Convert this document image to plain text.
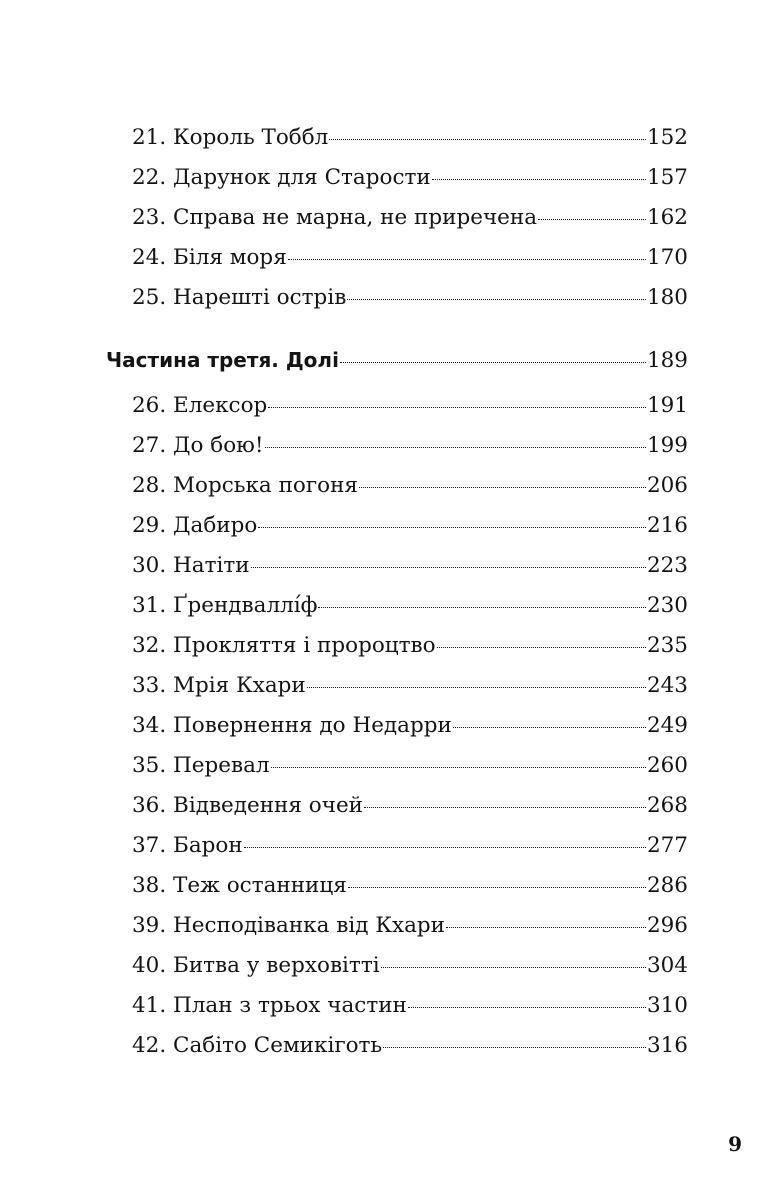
21. Король Тоббл	152
22. Дарунок для Старости	157
23. Справа не марна, не приречена	162
24. Біля моря	170
25. Нарешті острів	180
Частина третя. Долі	189
26. Елексор	191
27. До бою!	199
28. Морська погоня	206
29. Дабиро	216
30. Натіти	223
31. Ґрендваллі́ф	230
32. Прокляття і пророцтво	235
33. Мрія Кхари	243
34. Повернення до Недарри	249
35. Перевал	260
36. Відведення очей	268
37. Барон	277
38. Теж останниця	286
39. Несподіванка від Кхари	296
40. Битва у верховітті	304
41. План з трьох частин	310
42. Сабіто Семикіготь	316
9
